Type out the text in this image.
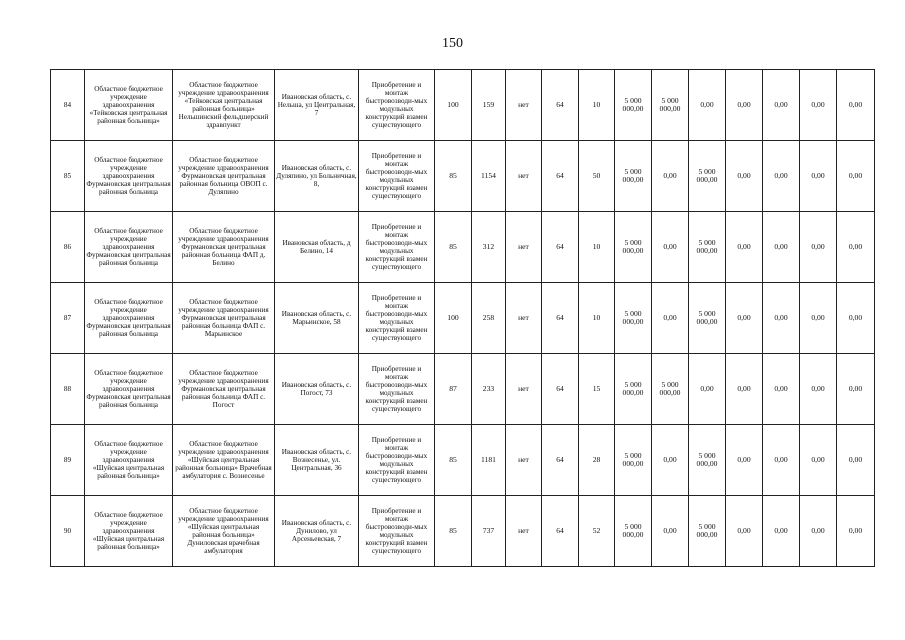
150
84	Областное бюджетное учреждение здравоохранения «Тейковская центральная районная больница»	Областное бюджетное учреждение здравоохранения «Тейковская центральная районная больница» Нельшинский фельдшерский здравпункт	Ивановская область, с. Нельша, ул Центральная, 7	Приобретение и монтаж быстровозводи-мых модульных конструкций взамен существующего	100	159	нет	64	10	5 000 000,00	5 000 000,00	0,00	0,00	0,00	0,00	0,00

85	Областное бюджетное учреждение здравоохранения Фурмановская центральная районная больница	Областное бюджетное учреждение здравоохранения Фурмановская центральная районная больница ОВОП с. Дуляпино	Ивановская область, с. Дуляпино, ул Больничная, 8,	Приобретение и монтаж быстровозводи-мых модульных конструкций взамен существующего	85	1154	нет	64	50	5 000 000,00	0,00	5 000 000,00	0,00	0,00	0,00	0,00

86	Областное бюджетное учреждение здравоохранения Фурмановская центральная районная больница	Областное бюджетное учреждение здравоохранения Фурмановская центральная районная больница ФАП д. Белино	Ивановская область, д Белино, 14	Приобретение и монтаж быстровозводи-мых модульных конструкций взамен существующего	85	312	нет	64	10	5 000 000,00	0,00	5 000 000,00	0,00	0,00	0,00	0,00

87	Областное бюджетное учреждение здравоохранения Фурмановская центральная районная больница	Областное бюджетное учреждение здравоохранения Фурмановская центральная районная больница ФАП с. Марьинское	Ивановская область, с. Марьинское, 58	Приобретение и монтаж быстровозводи-мых модульных конструкций взамен существующего	100	258	нет	64	10	5 000 000,00	0,00	5 000 000,00	0,00	0,00	0,00	0,00

88	Областное бюджетное учреждение здравоохранения Фурмановская центральная районная больница	Областное бюджетное учреждение здравоохранения Фурмановская центральная районная больница ФАП с. Погост	Ивановская область, с. Погост, 73	Приобретение и монтаж быстровозводи-мых модульных конструкций взамен существующего	87	233	нет	64	15	5 000 000,00	5 000 000,00	0,00	0,00	0,00	0,00	0,00

89	Областное бюджетное учреждение здравоохранения «Шуйская центральная районная больница»	Областное бюджетное учреждение здравоохранения «Шуйская центральная районная больница» Врачебная амбулатория с. Вознесенье	Ивановская область, с. Вознесенье, ул. Центральная, 36	Приобретение и монтаж быстровозводи-мых модульных конструкций взамен существующего	85	1181	нет	64	28	5 000 000,00	0,00	5 000 000,00	0,00	0,00	0,00	0,00

90	Областное бюджетное учреждение здравоохранения «Шуйская центральная районная больница»	Областное бюджетное учреждение здравоохранения «Шуйская центральная районная больница» Дуниловская врачебная амбулатория	Ивановская область, с. Дунилово, ул Арсеньевская, 7	Приобретение и монтаж быстровозводи-мых модульных конструкций взамен существующего	85	737	нет	64	52	5 000 000,00	0,00	5 000 000,00	0,00	0,00	0,00	0,00
